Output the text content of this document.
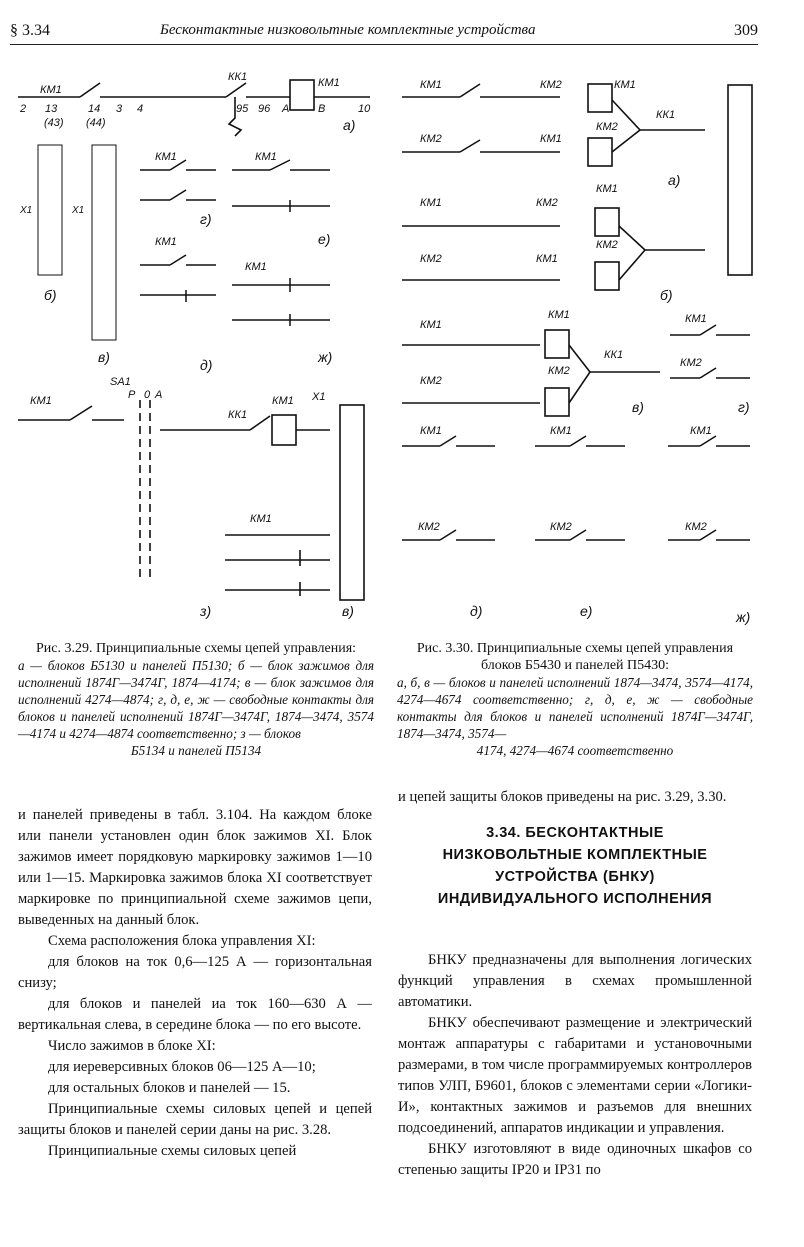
§ 3.34	Бесконтактные низковольтные комплектные устройства	309
КМ1
КК1	КМ1
2 13
(43)
14 3 4	95 96 A	B	10
(44)	а)
X1	X1
б)
в)
КМ1	КМ1
КМ1
КМ1
г)
д)
е)
ж)
SA1
P 0 A
КМ1
КК1
КМ1
КМ1
X1
з)	в)
КМ1	КМ2	КМ1
КМ2	КМ1
КМ2
КК1
КМ1	КМ2
КМ1
КМ2	КМ1
КМ2
КМ1
КМ1
КМ2
КМ2
КК1
а)
б)
в)
КМ1
КМ2
КМ1	КМ1	КМ1
КМ2	КМ2	КМ2
г)
д)	е)	ж)
Рис. 3.29. Принципиальные схемы цепей управления:
а — блоков Б5130 и панелей П5130; б — блок зажимов для исполнений 1874Г—3474Г, 1874—4174; в — блок зажимов для исполнений 4274—4874; г, д, е, ж — свободные контакты для блоков и панелей исполнений 1874Г—3474Г, 1874—3474, 3574—4174 и 4274—4874 соответственно; з — блоков
Б5134 и панелей П5134
Рис. 3.30. Принципиальные схемы цепей управления блоков Б5430 и панелей П5430:
а, б, в — блоков и панелей исполнений 1874—3474, 3574—4174, 4274—4674 соответственно; г, д, е, ж — свободные контакты для блоков и панелей исполнений 1874Г—3474Г, 1874—3474, 3574—
4174, 4274—4674 соответственно

и панелей приведены в табл. 3.104. На каждом блоке или панели установлен один блок зажимов XI. Блок зажимов имеет порядковую маркировку зажимов 1—10 или 1—15. Маркировка зажимов блока XI соответствует маркировке по принципиальной схеме зажимов цепи, выведенных на данный блок.

Схема расположения блока управления XI:

для блоков на ток 0,6—125 А — горизонтальная снизу;

для блоков и панелей иа ток 160—630 А — вертикальная слева, в середине блока — по его высоте.

Число зажимов в блоке XI:

для иереверсивных блоков 06—125 А—10;

для остальных блоков и панелей — 15.

Принципиальные схемы силовых цепей и цепей защиты блоков и панелей серии даны на рис. 3.28.

Принципиальные схемы силовых цепей

и цепей защиты блоков приведены на рис. 3.29, 3.30.

3.34. БЕСКОНТАКТНЫЕ

НИЗКОВОЛЬТНЫЕ КОМПЛЕКТНЫЕ

УСТРОЙСТВА (БНКУ)

ИНДИВИДУАЛЬНОГО ИСПОЛНЕНИЯ

БНКУ предназначены для выполнения логических функций управления в схемах промышленной автоматики.

БНКУ обеспечивают размещение и электрический монтаж аппаратуры с габаритами и установочными размерами, в том числе программируемых контроллеров типов УЛП, Б9601, блоков с элементами серии «Логики-И», контактных зажимов и разъемов для внешних подсоединений, аппаратов индикации и управления.

БНКУ изготовляют в виде одиночных шкафов со степенью защиты IP20 и IP31 по
